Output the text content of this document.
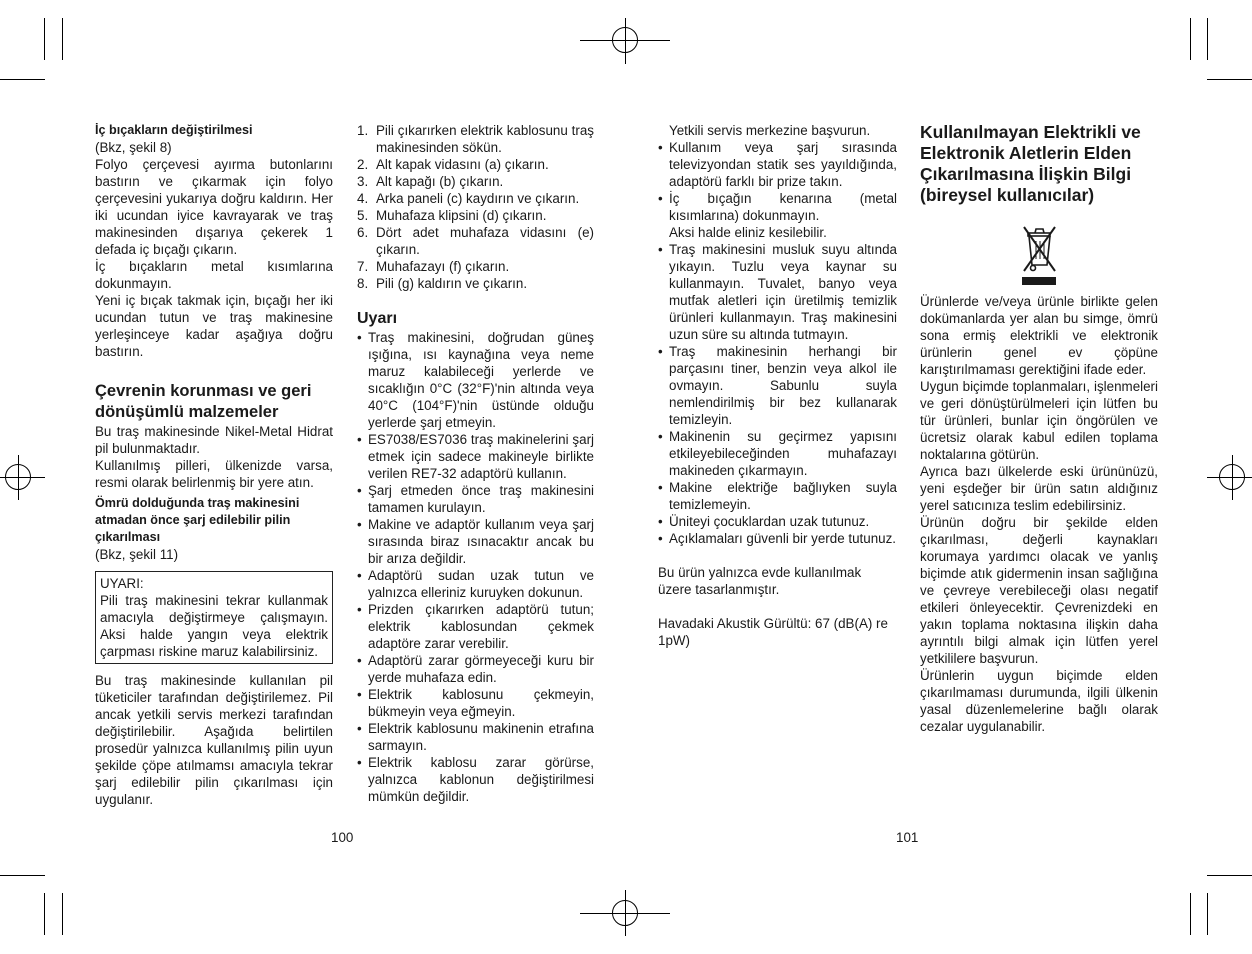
İç bıçakların değiştirilmesi

(Bkz, şekil 8)

Folyo çerçevesi ayırma butonlarını bastırın ve çıkarmak için folyo çerçevesini yukarıya doğru kaldırın. Her iki ucundan iyice kavrayarak ve traş makinesinden dışarıya çekerek 1 defada iç bıçağı çıkarın.

İç bıçakların metal kısımlarına dokunmayın.

Yeni iç bıçak takmak için, bıçağı her iki ucundan tutun ve traş makinesine yerleşinceye kadar aşağıya doğru bastırın.

Çevrenin korunması ve geri dönüşümlü malzemeler

Bu traş makinesinde Nikel-Metal Hidrat pil bulunmaktadır.

Kullanılmış pilleri, ülkenizde varsa, resmi olarak belirlenmiş bir yere atın.

Ömrü dolduğunda traş makinesini atmadan önce şarj edilebilir pilin çıkarılması

(Bkz, şekil 11)

UYARI:

Pili traş makinesini tekrar kullanmak amacıyla değiştirmeye çalışmayın. Aksi halde yangın veya elektrik çarpması riskine maruz kalabilirsiniz.

Bu traş makinesinde kullanılan pil tüketiciler tarafından değiştirilemez. Pil ancak yetkili servis merkezi tarafından değiştirilebilir. Aşağıda belirtilen prosedür yalnızca kullanılmış pilin uyun şekilde çöpe atılmamsı amacıyla tekrar şarj edilebilir pilin çıkarılması için uygulanır.

1. Pili çıkarırken elektrik kablosunu traş makinesinden sökün.
2. Alt kapak vidasını (a) çıkarın.
3. Alt kapağı (b) çıkarın.
4. Arka paneli (c) kaydırın ve çıkarın.
5. Muhafaza klipsini (d) çıkarın.
6. Dört adet muhafaza vidasını (e) çıkarın.
7. Muhafazayı (f) çıkarın.
8. Pili (g) kaldırın ve çıkarın.

Uyarı

• Traş makinesini, doğrudan güneş ışığına, ısı kaynağına veya neme maruz kalabileceği yerlerde ve sıcaklığın 0°C (32°F)'nin altında veya 40°C (104°F)'nin üstünde olduğu yerlerde şarj etmeyin.
• ES7038/ES7036 traş makinelerini şarj etmek için sadece makineyle birlikte verilen RE7-32 adaptörü kullanın.
• Şarj etmeden önce traş makinesini tamamen kurulayın.
• Makine ve adaptör kullanım veya şarj sırasında biraz ısınacaktır ancak bu bir arıza değildir.
• Adaptörü sudan uzak tutun ve yalnızca elleriniz kuruyken dokunun.
• Prizden çıkarırken adaptörü tutun; elektrik kablosundan çekmek adaptöre zarar verebilir.
• Adaptörü zarar görmeyeceği kuru bir yerde muhafaza edin.
• Elektrik kablosunu çekmeyin, bükmeyin veya eğmeyin.
• Elektrik kablosunu makinenin etrafına sarmayın.
• Elektrik kablosu zarar görürse, yalnızca kablonun değiştirilmesi mümkün değildir.
100

Yetkili servis merkezine başvurun.

• Kullanım veya şarj sırasında televizyondan statik ses yayıldığında, adaptörü farklı bir prize takın.
• İç bıçağın kenarına (metal kısımlarına) dokunmayın.
Aksi halde eliniz kesilebilir.
• Traş makinesini musluk suyu altında yıkayın. Tuzlu veya kaynar su kullanmayın. Tuvalet, banyo veya mutfak aletleri için üretilmiş temizlik ürünleri kullanmayın. Traş makinesini uzun süre su altında tutmayın.
• Traş makinesinin herhangi bir parçasını tiner, benzin veya alkol ile ovmayın. Sabunlu suyla nemlendirilmiş bir bez kullanarak temizleyin.
• Makinenin su geçirmez yapısını etkileyebileceğinden muhafazayı makineden çıkarmayın.
• Makine elektriğe bağlıyken suyla temizlemeyin.
• Üniteyi çocuklardan uzak tutunuz.
• Açıklamaları güvenli bir yerde tutunuz.

Bu ürün yalnızca evde kullanılmak üzere tasarlanmıştır.

Havadaki Akustik Gürültü: 67 (dB(A) re 1pW)

Kullanılmayan Elektrikli ve Elektronik Aletlerin Elden Çıkarılmasına İlişkin Bilgi (bireysel kullanıcılar)

Ürünlerde ve/veya ürünle birlikte gelen dokümanlarda yer alan bu simge, ömrü sona ermiş elektrikli ve elektronik ürünlerin genel ev çöpüne karıştırılmaması gerektiğini ifade eder.

Uygun biçimde toplanmaları, işlenmeleri ve geri dönüştürülmeleri için lütfen bu tür ürünleri, bunlar için öngörülen ve ücretsiz olarak kabul edilen toplama noktalarına götürün.

Ayrıca bazı ülkelerde eski ürününüzü, yeni eşdeğer bir ürün satın aldığınız yerel satıcınıza teslim edebilirsiniz.

Ürünün doğru bir şekilde elden çıkarılması, değerli kaynakları korumaya yardımcı olacak ve yanlış biçimde atık gidermenin insan sağlığına ve çevreye verebileceği olası negatif etkileri önleyecektir. Çevrenizdeki en yakın toplama noktasına ilişkin daha ayrıntılı bilgi almak için lütfen yerel yetkililere başvurun.

Ürünlerin uygun biçimde elden çıkarılmaması durumunda, ilgili ülkenin yasal düzenlemelerine bağlı olarak cezalar uygulanabilir.

101
